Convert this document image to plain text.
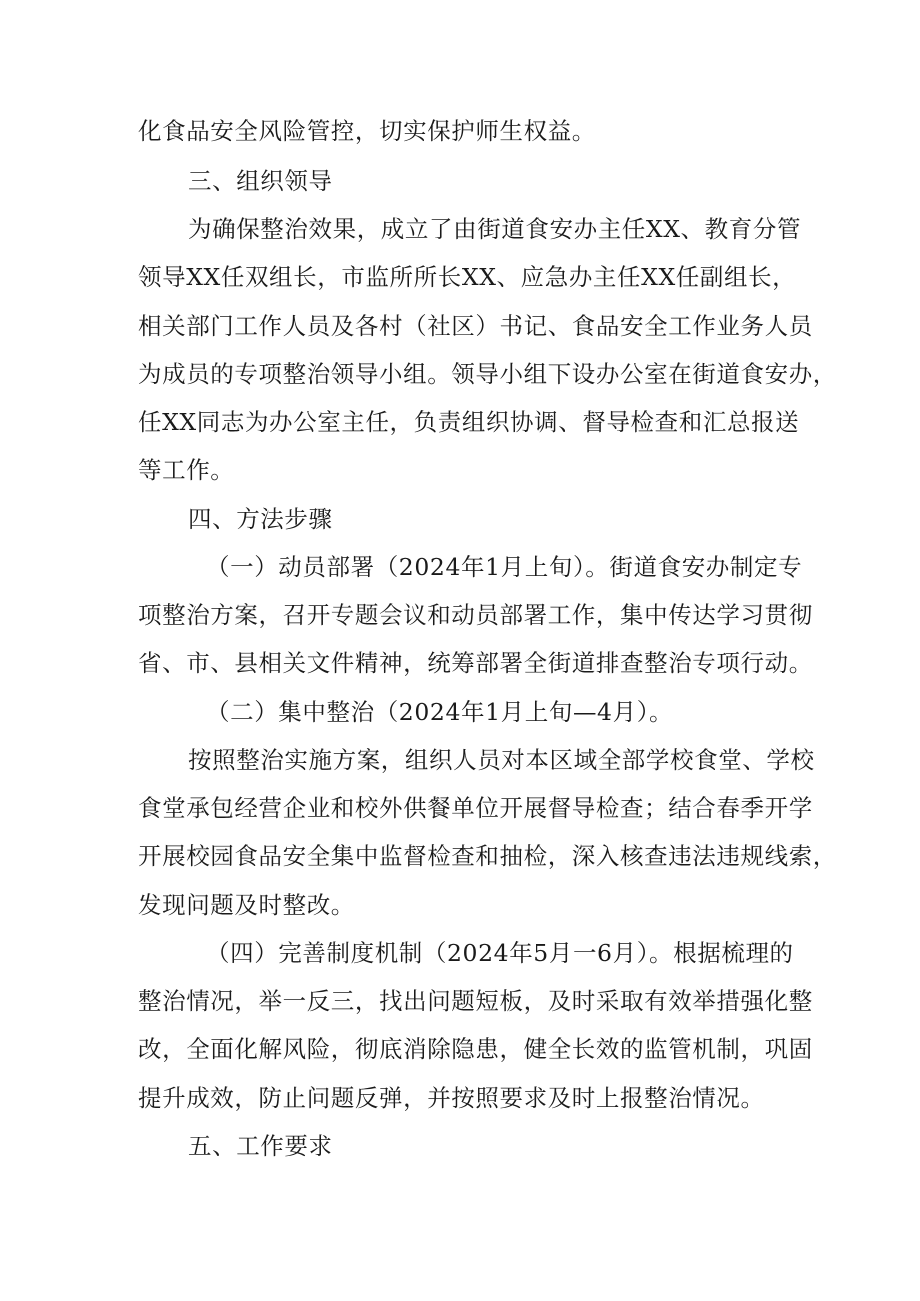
化食品安全风险管控，切实保护师生权益。
三、组织领导
为确保整治效果，成立了由街道食安办主任XX、教育分管
领导XX任双组长，市监所所长XX、应急办主任XX任副组长，
相关部门工作人员及各村（社区）书记、食品安全工作业务人员
为成员的专项整治领导小组。领导小组下设办公室在街道食安办，
任XX同志为办公室主任，负责组织协调、督导检查和汇总报送
等工作。
四、方法步骤
（一）动员部署（2024年1月上旬）。街道食安办制定专
项整治方案，召开专题会议和动员部署工作，集中传达学习贯彻
省、市、县相关文件精神，统筹部署全街道排查整治专项行动。
（二）集中整治（2024年1月上旬—4月）。
按照整治实施方案，组织人员对本区域全部学校食堂、学校
食堂承包经营企业和校外供餐单位开展督导检查；结合春季开学
开展校园食品安全集中监督检查和抽检，深入核查违法违规线索，
发现问题及时整改。
（四）完善制度机制（2024年5月一6月）。根据梳理的
整治情况，举一反三，找出问题短板，及时采取有效举措强化整
改，全面化解风险，彻底消除隐患，健全长效的监管机制，巩固
提升成效，防止问题反弹，并按照要求及时上报整治情况。
五、工作要求
